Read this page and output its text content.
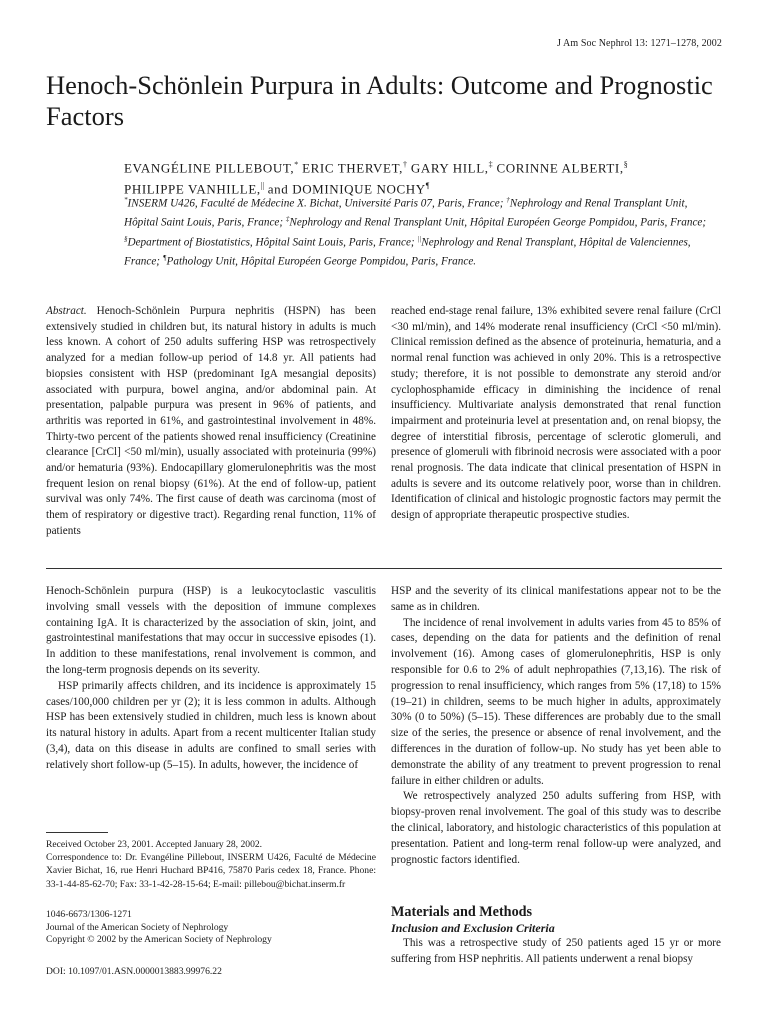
J Am Soc Nephrol 13: 1271–1278, 2002
Henoch-Schönlein Purpura in Adults: Outcome and Prognostic Factors
EVANGÉLINE PILLEBOUT,* ERIC THERVET,† GARY HILL,‡ CORINNE ALBERTI,§
PHILIPPE VANHILLE,|| and DOMINIQUE NOCHY¶
*INSERM U426, Faculté de Médecine X. Bichat, Université Paris 07, Paris, France; †Nephrology and Renal Transplant Unit, Hôpital Saint Louis, Paris, France; ‡Nephrology and Renal Transplant Unit, Hôpital Européen George Pompidou, Paris, France; §Department of Biostatistics, Hôpital Saint Louis, Paris, France; ||Nephrology and Renal Transplant, Hôpital de Valenciennes, France; ¶Pathology Unit, Hôpital Européen George Pompidou, Paris, France.

Abstract. Henoch-Schönlein Purpura nephritis (HSPN) has been extensively studied in children but, its natural history in adults is much less known. A cohort of 250 adults suffering HSP was retrospectively analyzed for a median follow-up period of 14.8 yr. All patients had biopsies consistent with HSP (predominant IgA mesangial deposits) associated with purpura, bowel angina, and/or abdominal pain. At presentation, palpable purpura was present in 96% of patients, and arthritis was reported in 61%, and gastrointestinal involvement in 48%. Thirty-two percent of the patients showed renal insufficiency (Creatinine clearance [CrCl] <50 ml/min), usually associated with proteinuria (99%) and/or hematuria (93%). Endocapillary glomerulonephritis was the most frequent lesion on renal biopsy (61%). At the end of follow-up, patient survival was only 74%. The first cause of death was carcinoma (most of them of respiratory or digestive tract). Regarding renal function, 11% of patients

reached end-stage renal failure, 13% exhibited severe renal failure (CrCl <30 ml/min), and 14% moderate renal insufficiency (CrCl <50 ml/min). Clinical remission defined as the absence of proteinuria, hematuria, and a normal renal function was achieved in only 20%. This is a retrospective study; therefore, it is not possible to demonstrate any steroid and/or cyclophosphamide efficacy in diminishing the incidence of renal insufficiency. Multivariate analysis demonstrated that renal function impairment and proteinuria level at presentation and, on renal biopsy, the degree of interstitial fibrosis, percentage of sclerotic glomeruli, and presence of glomeruli with fibrinoid necrosis were associated with a poor renal prognosis. The data indicate that clinical presentation of HSPN in adults is severe and its outcome relatively poor, worse than in children. Identification of clinical and histologic prognostic factors may permit the design of appropriate therapeutic prospective studies.

Henoch-Schönlein purpura (HSP) is a leukocytoclastic vasculitis involving small vessels with the deposition of immune complexes containing IgA. It is characterized by the association of skin, joint, and gastrointestinal manifestations that may occur in successive episodes (1). In addition to these manifestations, renal involvement is common, and the long-term prognosis depends on its severity.

HSP primarily affects children, and its incidence is approximately 15 cases/100,000 children per yr (2); it is less common in adults. Although HSP has been extensively studied in children, much less is known about its natural history in adults. Apart from a recent multicenter Italian study (3,4), data on this disease in adults are confined to small series with relatively short follow-up (5–15). In adults, however, the incidence of

Received October 23, 2001. Accepted January 28, 2002.

Correspondence to: Dr. Evangéline Pillebout, INSERM U426, Faculté de Médecine Xavier Bichat, 16, rue Henri Huchard BP416, 75870 Paris cedex 18, France. Phone: 33-1-44-85-62-70; Fax: 33-1-42-28-15-64; E-mail: pillebou@bichat.inserm.fr

1046-6673/1306-1271

Journal of the American Society of Nephrology

Copyright © 2002 by the American Society of Nephrology

DOI: 10.1097/01.ASN.0000013883.99976.22

HSP and the severity of its clinical manifestations appear not to be the same as in children.

The incidence of renal involvement in adults varies from 45 to 85% of cases, depending on the data for patients and the definition of renal involvement (16). Among cases of glomerulonephritis, HSP is only responsible for 0.6 to 2% of adult nephropathies (7,13,16). The risk of progression to renal insufficiency, which ranges from 5% (17,18) to 15% (19–21) in children, seems to be much higher in adults, approximately 30% (0 to 50%) (5–15). These differences are probably due to the small size of the series, the presence or absence of renal involvement, and the differences in the duration of follow-up. No study has yet been able to demonstrate the ability of any treatment to prevent progression to renal failure in either children or adults.

We retrospectively analyzed 250 adults suffering from HSP, with biopsy-proven renal involvement. The goal of this study was to describe the clinical, laboratory, and histologic characteristics of this population at presentation. Patient and long-term renal follow-up were analyzed, and prognostic factors identified.

Materials and Methods
Inclusion and Exclusion Criteria

This was a retrospective study of 250 patients aged 15 yr or more suffering from HSP nephritis. All patients underwent a renal biopsy
